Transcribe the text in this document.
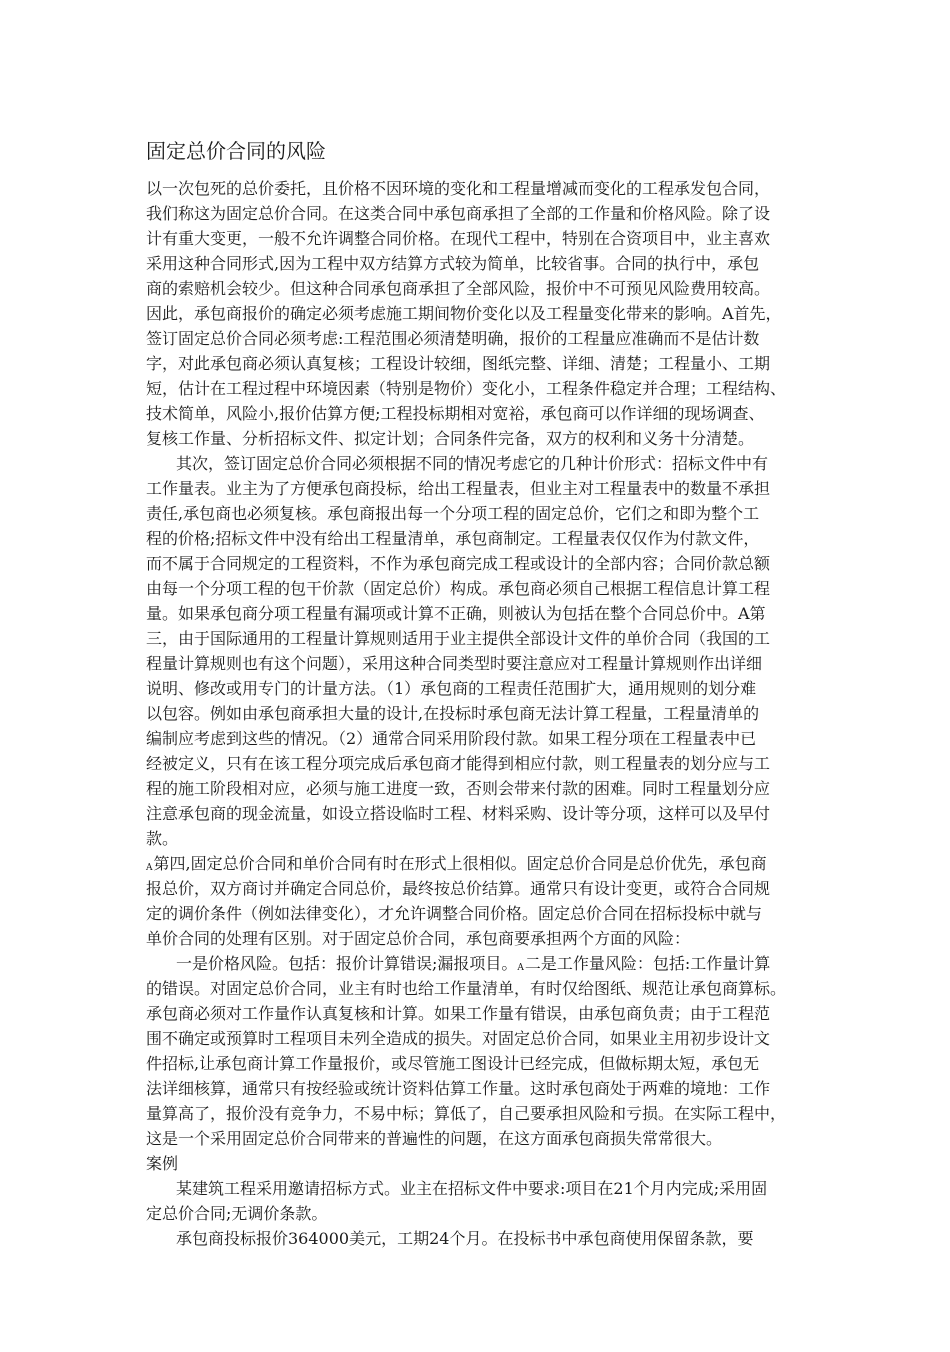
固定总价合同的风险
以一次包死的总价委托，且价格不因环境的变化和工程量增减而变化的工程承发包合同，
我们称这为固定总价合同。在这类合同中承包商承担了全部的工作量和价格风险。除了设
计有重大变更，一般不允许调整合同价格。在现代工程中，特别在合资项目中，业主喜欢
采用这种合同形式,因为工程中双方结算方式较为简单，比较省事。合同的执行中，承包
商的索赔机会较少。但这种合同承包商承担了全部风险，报价中不可预见风险费用较高。
因此，承包商报价的确定必须考虑施工期间物价变化以及工程量变化带来的影响。A首先，
签订固定总价合同必须考虑:工程范围必须清楚明确，报价的工程量应准确而不是估计数
字，对此承包商必须认真复核；工程设计较细，图纸完整、详细、清楚；工程量小、工期
短，估计在工程过程中环境因素（特别是物价）变化小，工程条件稳定并合理；工程结构、
技术简单，风险小,报价估算方便;工程投标期相对宽裕，承包商可以作详细的现场调查、
复核工作量、分析招标文件、拟定计划；合同条件完备，双方的权利和义务十分清楚。
其次，签订固定总价合同必须根据不同的情况考虑它的几种计价形式：招标文件中有
工作量表。业主为了方便承包商投标，给出工程量表，但业主对工程量表中的数量不承担
责任,承包商也必须复核。承包商报出每一个分项工程的固定总价，它们之和即为整个工
程的价格;招标文件中没有给出工程量清单，承包商制定。工程量表仅仅作为付款文件，
而不属于合同规定的工程资料，不作为承包商完成工程或设计的全部内容；合同价款总额
由每一个分项工程的包干价款（固定总价）构成。承包商必须自己根据工程信息计算工程
量。如果承包商分项工程量有漏项或计算不正确，则被认为包括在整个合同总价中。A第
三，由于国际通用的工程量计算规则适用于业主提供全部设计文件的单价合同（我国的工
程量计算规则也有这个问题），采用这种合同类型时要注意应对工程量计算规则作出详细
说明、修改或用专门的计量方法。（1）承包商的工程责任范围扩大，通用规则的划分难
以包容。例如由承包商承担大量的设计,在投标时承包商无法计算工程量，工程量清单的
编制应考虑到这些的情况。（2）通常合同采用阶段付款。如果工程分项在工程量表中已
经被定义，只有在该工程分项完成后承包商才能得到相应付款，则工程量表的划分应与工
程的施工阶段相对应，必须与施工进度一致，否则会带来付款的困难。同时工程量划分应
注意承包商的现金流量，如设立搭设临时工程、材料采购、设计等分项，这样可以及早付
款。
A第四,固定总价合同和单价合同有时在形式上很相似。固定总价合同是总价优先，承包商
报总价，双方商讨并确定合同总价，最终按总价结算。通常只有设计变更，或符合合同规
定的调价条件（例如法律变化），才允许调整合同价格。固定总价合同在招标投标中就与
单价合同的处理有区别。对于固定总价合同，承包商要承担两个方面的风险：
一是价格风险。包括：报价计算错误;漏报项目。A二是工作量风险：包括:工作量计算
的错误。对固定总价合同，业主有时也给工作量清单，有时仅给图纸、规范让承包商算标。
承包商必须对工作量作认真复核和计算。如果工作量有错误，由承包商负责；由于工程范
围不确定或预算时工程项目未列全造成的损失。对固定总价合同，如果业主用初步设计文
件招标,让承包商计算工作量报价，或尽管施工图设计已经完成，但做标期太短，承包无
法详细核算，通常只有按经验或统计资料估算工作量。这时承包商处于两难的境地：工作
量算高了，报价没有竞争力，不易中标；算低了，自己要承担风险和亏损。在实际工程中，
这是一个采用固定总价合同带来的普遍性的问题，在这方面承包商损失常常很大。
案例
某建筑工程采用邀请招标方式。业主在招标文件中要求:项目在21个月内完成;采用固
定总价合同;无调价条款。
承包商投标报价364000美元，工期24个月。在投标书中承包商使用保留条款，要
